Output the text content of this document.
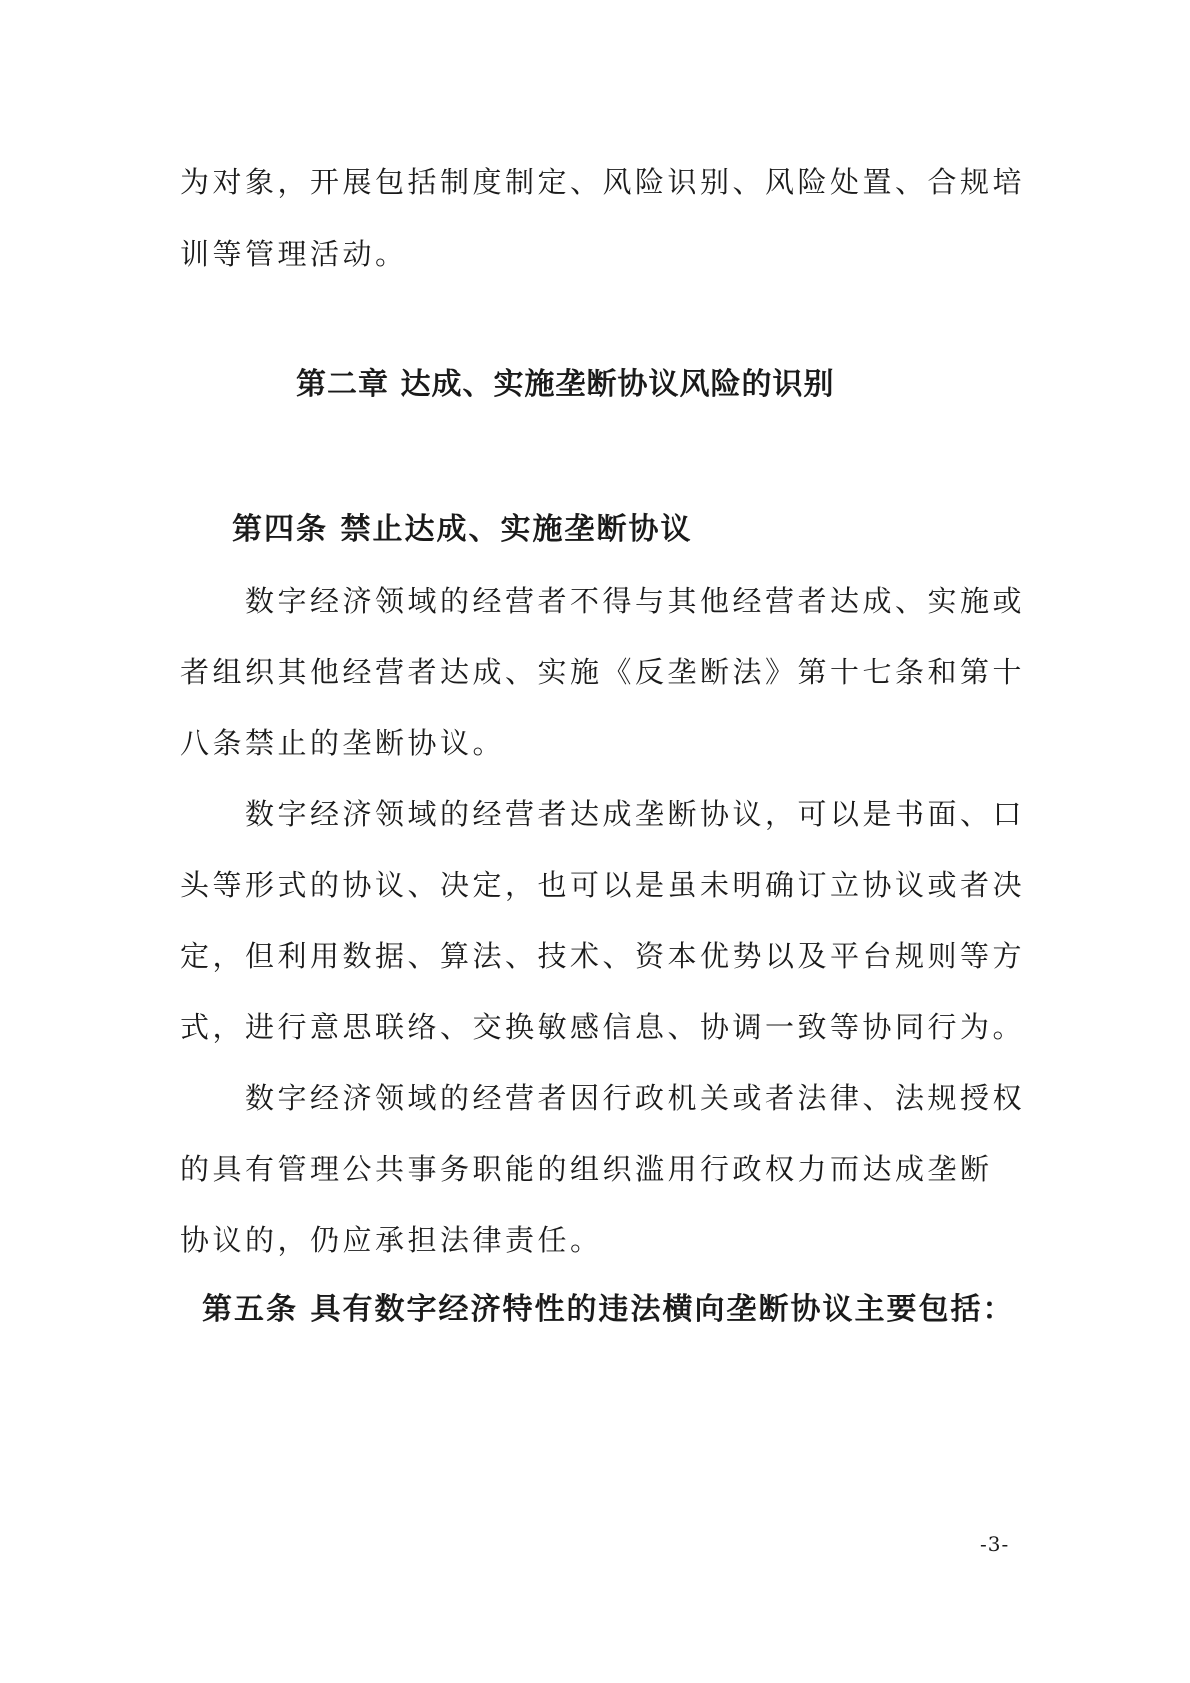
为对象，开展包括制度制定、风险识别、风险处置、合规培
训等管理活动。
第二章 达成、实施垄断协议风险的识别
第四条 禁止达成、实施垄断协议
数字经济领域的经营者不得与其他经营者达成、实施或
者组织其他经营者达成、实施《反垄断法》第十七条和第十
八条禁止的垄断协议。
数字经济领域的经营者达成垄断协议，可以是书面、口
头等形式的协议、决定，也可以是虽未明确订立协议或者决
定，但利用数据、算法、技术、资本优势以及平台规则等方
式，进行意思联络、交换敏感信息、协调一致等协同行为。
数字经济领域的经营者因行政机关或者法律、法规授权
的具有管理公共事务职能的组织滥用行政权力而达成垄断
协议的，仍应承担法律责任。
第五条 具有数字经济特性的违法横向垄断协议主要包括：
-3-
